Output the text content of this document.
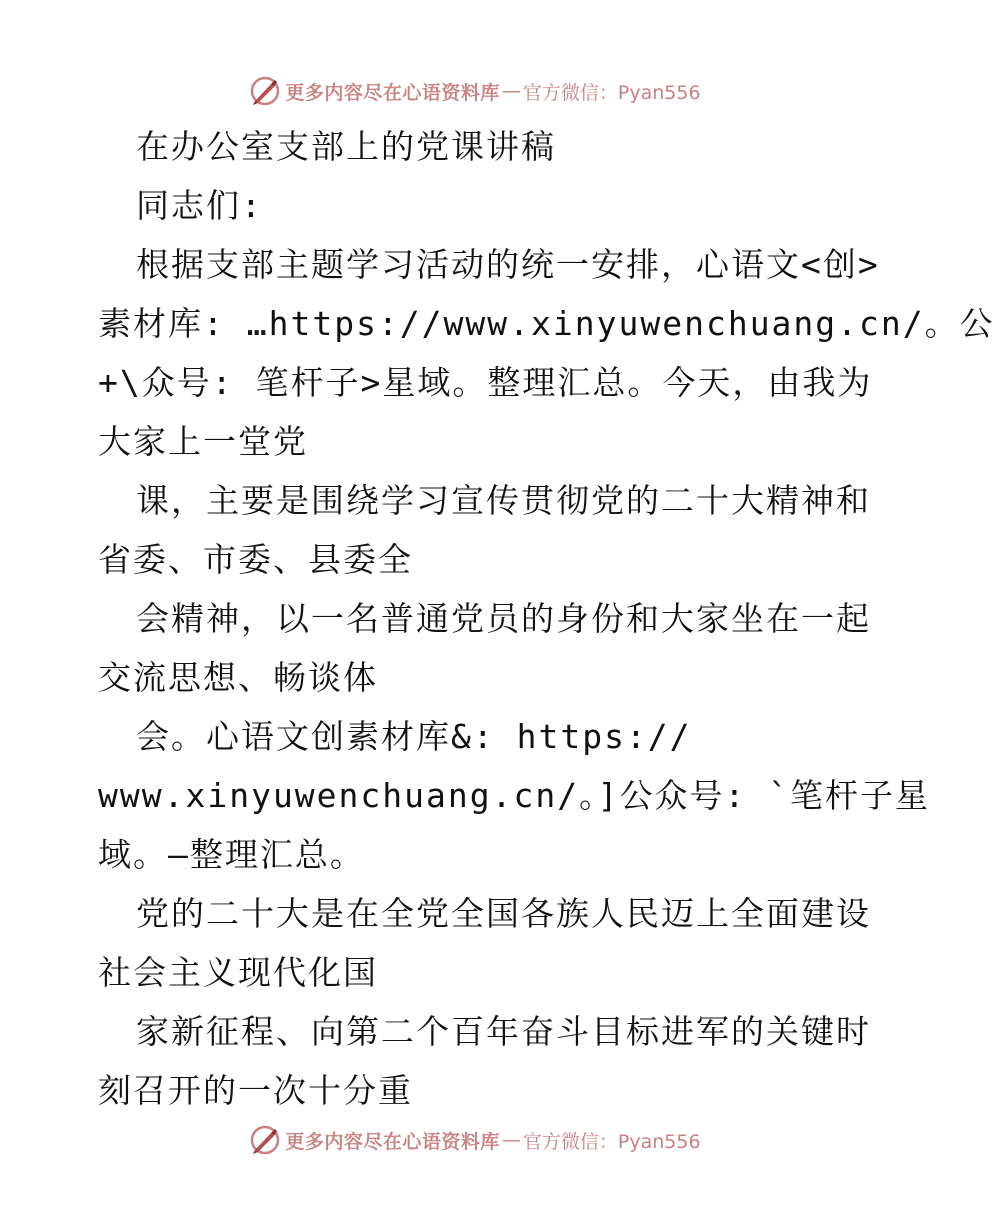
更多内容尽在心语资料库 — 官方微信：Pyan556
在办公室支部上的党课讲稿
同志们:
根据支部主题学习活动的统一安排，心语文<创>
素材库: …https://www.xinyuwenchuang.cn/。公
+\众号: 笔杆子>星域。整理汇总。今天，由我为
大家上一堂党
课，主要是围绕学习宣传贯彻党的二十大精神和
省委、市委、县委全
会精神，以一名普通党员的身份和大家坐在一起
交流思想、畅谈体
会。心语文创素材库&: https://
www.xinyuwenchuang.cn/。]公众号: `笔杆子星
域。—整理汇总。
党的二十大是在全党全国各族人民迈上全面建设
社会主义现代化国
家新征程、向第二个百年奋斗目标进军的关键时
刻召开的一次十分重
更多内容尽在心语资料库 — 官方微信：Pyan556
